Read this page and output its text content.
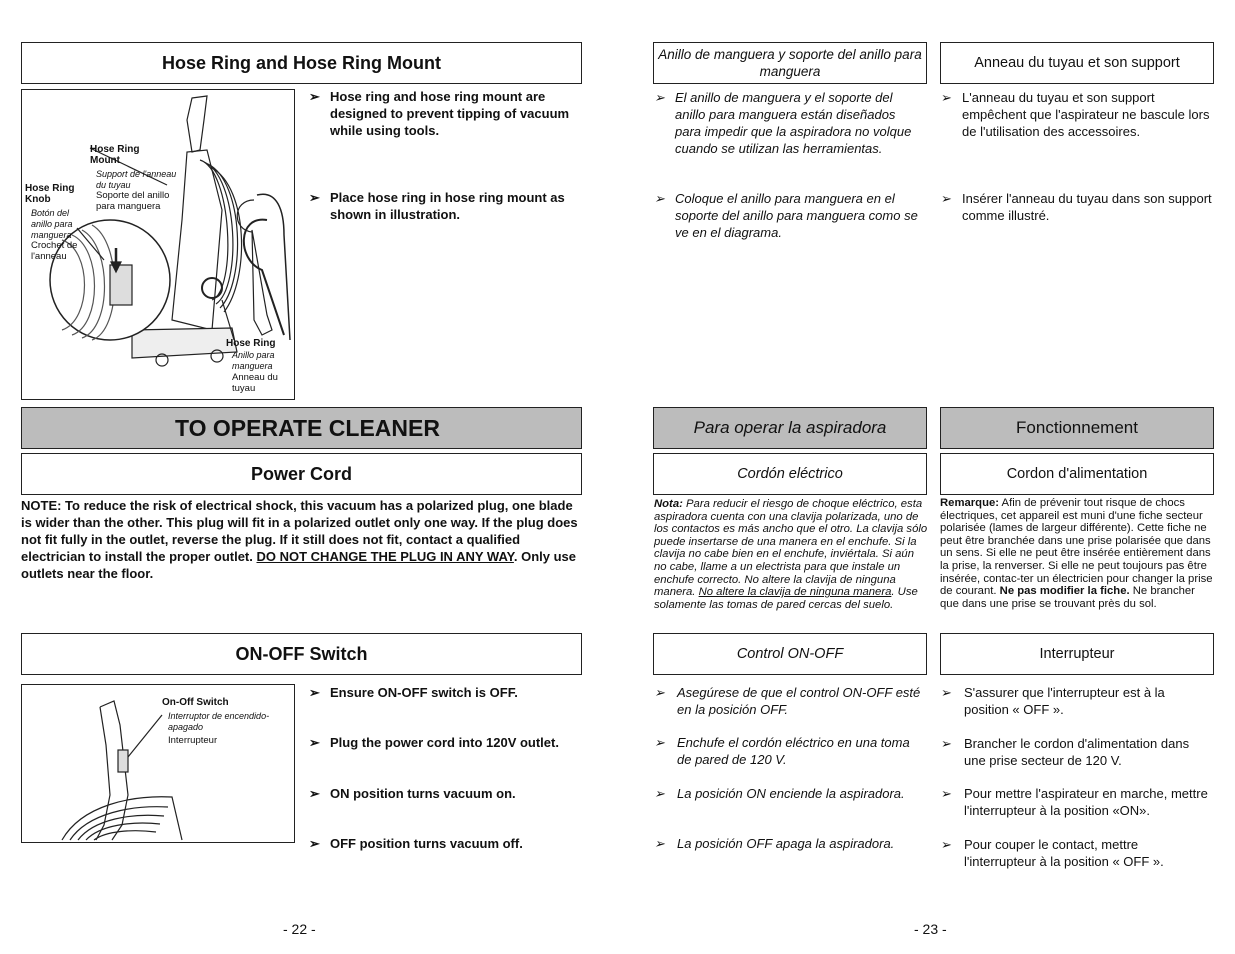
Hose Ring and Hose Ring Mount
Hose Ring Mount
Support de l'anneau du tuyau
Soporte del anillo para manguera
Hose Ring Knob
Botón del anillo para manguera
Crochet de l'anneau
Hose Ring
Anillo para manguera
Anneau du tuyau
➢ Hose ring and hose ring mount are designed to prevent tipping of vacuum while using tools.
➢ Place hose ring in hose ring mount as shown in illustration.
TO OPERATE CLEANER
Power Cord
NOTE: To reduce the risk of electrical shock, this vacuum has a polarized plug, one blade is wider than the other. This plug will fit in a polarized outlet only one way. If the plug does not fit fully in the outlet, reverse the plug. If it still does not fit, contact a qualified electrician to install the proper outlet. DO NOT CHANGE THE PLUG IN ANY WAY. Only use outlets near the floor.
ON-OFF Switch
On-Off Switch
Interruptor de encendido-apagado
Interrupteur
➢ Ensure ON-OFF switch is OFF.
➢ Plug the power cord into 120V outlet.
➢ ON position turns vacuum on.
➢ OFF position turns vacuum off.
- 22 -
Anillo de manguera y soporte del anillo para manguera
➢ El anillo de manguera y el soporte del anillo para manguera están diseñados para impedir que la aspiradora no volque cuando se utilizan las herramientas.
➢ Coloque el anillo para manguera en el soporte del anillo para manguera como se ve en el diagrama.
Para operar la aspiradora
Cordón eléctrico
Nota: Para reducir el riesgo de choque eléctrico, esta aspiradora cuenta con una clavija polarizada, uno de los contactos es más ancho que el otro. La clavija sólo puede insertarse de una manera en el enchufe. Si la clavija no cabe bien en el enchufe, inviértala. Si aún no cabe, llame a un electrista para que instale un enchufe correcto. No altere la clavija de ninguna manera. No altere la clavija de ninguna manera. Use solamente las tomas de pared cercas del suelo.
Control ON-OFF
➢ Asegúrese de que el control ON-OFF esté en la posición OFF.
➢ Enchufe el cordón eléctrico en una toma de pared de 120 V.
➢ La posición ON enciende la aspiradora.
➢ La posición OFF apaga la aspiradora.
Anneau du tuyau et son support
➢ L'anneau du tuyau et son support empêchent que l'aspirateur ne bascule lors de l'utilisation des accessoires.
➢ Insérer l'anneau du tuyau dans son support comme illustré.
Fonctionnement
Cordon d'alimentation
Remarque: Afin de prévenir tout risque de chocs électriques, cet appareil est muni d'une fiche secteur polarisée (lames de largeur différente). Cette fiche ne peut être branchée dans une prise polarisée que dans un sens. Si elle ne peut être insérée entièrement dans la prise, la renverser. Si elle ne peut toujours pas être insérée, contac-ter un électricien pour changer la prise de courant. Ne pas modifier la fiche. Ne brancher que dans une prise se trouvant près du sol.
Interrupteur
➢ S'assurer que l'interrupteur est à la position « OFF ».
➢ Brancher le cordon d'alimentation dans une prise secteur de 120 V.
➢ Pour mettre l'aspirateur en marche, mettre l'interrupteur à la position «ON».
➢ Pour couper le contact, mettre l'interrupteur à la position « OFF ».
- 23 -
